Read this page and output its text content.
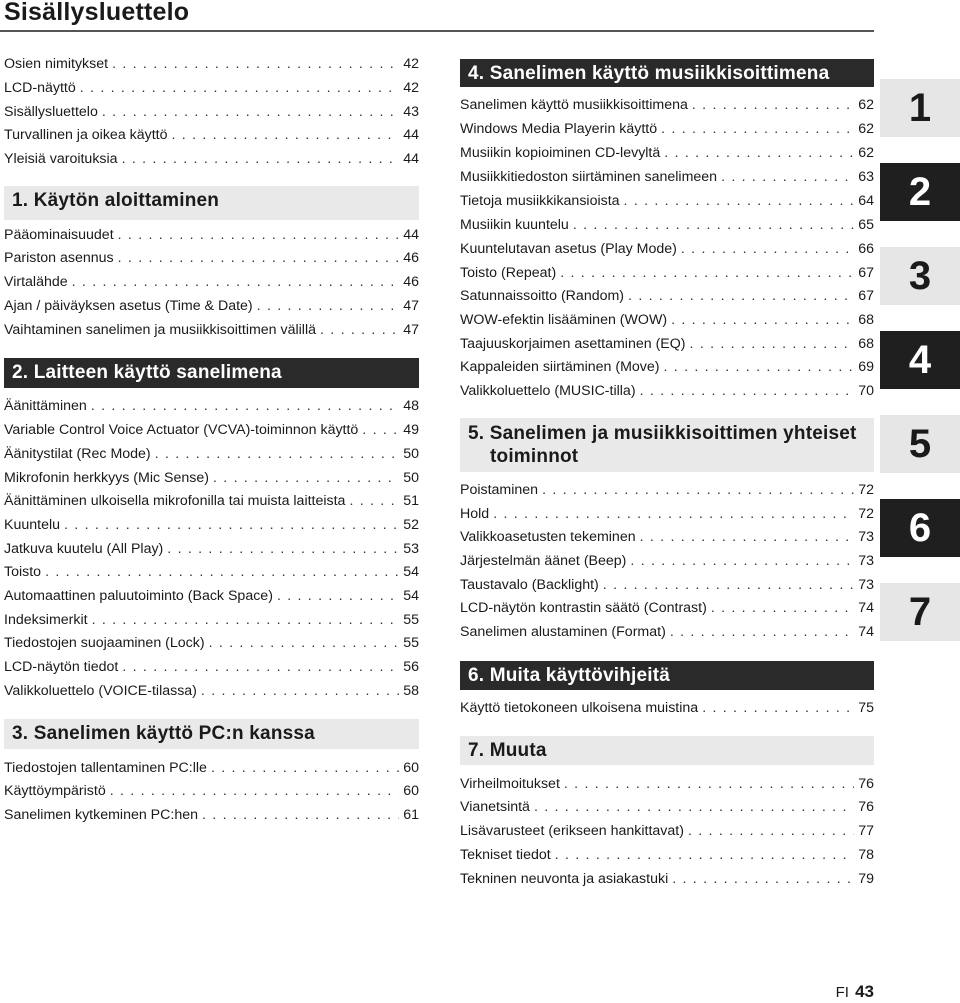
Sisällysluettelo
Osien nimitykset . . .	42
LCD-näyttö . . .	42
Sisällysluettelo . . .	43
Turvallinen ja oikea käyttö . . .	44
Yleisiä varoituksia . . .	44
1. Käytön aloittaminen
Pääominaisuudet . . .	44
Pariston asennus . . .	46
Virtalähde . . .	46
Ajan / päiväyksen asetus (Time & Date) . . .	47
Vaihtaminen sanelimen ja musiikkisoittimen välillä . . .	47
2. Laitteen käyttö sanelimena
Äänittäminen . . .	48
Variable Control Voice Actuator (VCVA)-toiminnon käyttö . . .	49
Äänitystilat (Rec Mode) . . .	50
Mikrofonin herkkyys (Mic Sense) . . .	50
Äänittäminen ulkoisella mikrofonilla tai muista laitteista . . .	51
Kuuntelu . . .	52
Jatkuva kuutelu (All Play) . . .	53
Toisto . . .	54
Automaattinen paluutoiminto (Back Space) . . .	54
Indeksimerkit . . .	55
Tiedostojen suojaaminen (Lock) . . .	55
LCD-näytön tiedot . . .	56
Valikkoluettelo (VOICE-tilassa) . . .	58
3. Sanelimen käyttö PC:n kanssa
Tiedostojen tallentaminen PC:lle . . .	60
Käyttöympäristö . . .	60
Sanelimen kytkeminen PC:hen . . .	61
4. Sanelimen käyttö musiikkisoittimena
Sanelimen käyttö musiikkisoittimena . . .	62
Windows Media Playerin käyttö . . .	62
Musiikin kopioiminen CD-levyltä . . .	62
Musiikkitiedoston siirtäminen sanelimeen . . .	63
Tietoja musiikkikansioista . . .	64
Musiikin kuuntelu . . .	65
Kuuntelutavan asetus (Play Mode) . . .	66
Toisto (Repeat) . . .	67
Satunnaissoitto (Random) . . .	67
WOW-efektin lisääminen (WOW) . . .	68
Taajuuskorjaimen asettaminen (EQ) . . .	68
Kappaleiden siirtäminen (Move) . . .	69
Valikkoluettelo (MUSIC-tilla) . . .	70
5. Sanelimen ja musiikkisoittimen yhteiset
toiminnot
Poistaminen . . .	72
Hold . . .	72
Valikkoasetusten tekeminen . . .	73
Järjestelmän äänet (Beep) . . .	73
Taustavalo (Backlight) . . .	73
LCD-näytön kontrastin säätö (Contrast) . . .	74
Sanelimen alustaminen (Format) . . .	74
6. Muita käyttövihjeitä
Käyttö tietokoneen ulkoisena muistina . . .	75
7. Muuta
Virheilmoitukset . . .	76
Vianetsintä . . .	76
Lisävarusteet (erikseen hankittavat) . . .	77
Tekniset tiedot . . .	78
Tekninen neuvonta ja asiakastuki . . .	79
1
2
3
4
5
6
7
FI 43
